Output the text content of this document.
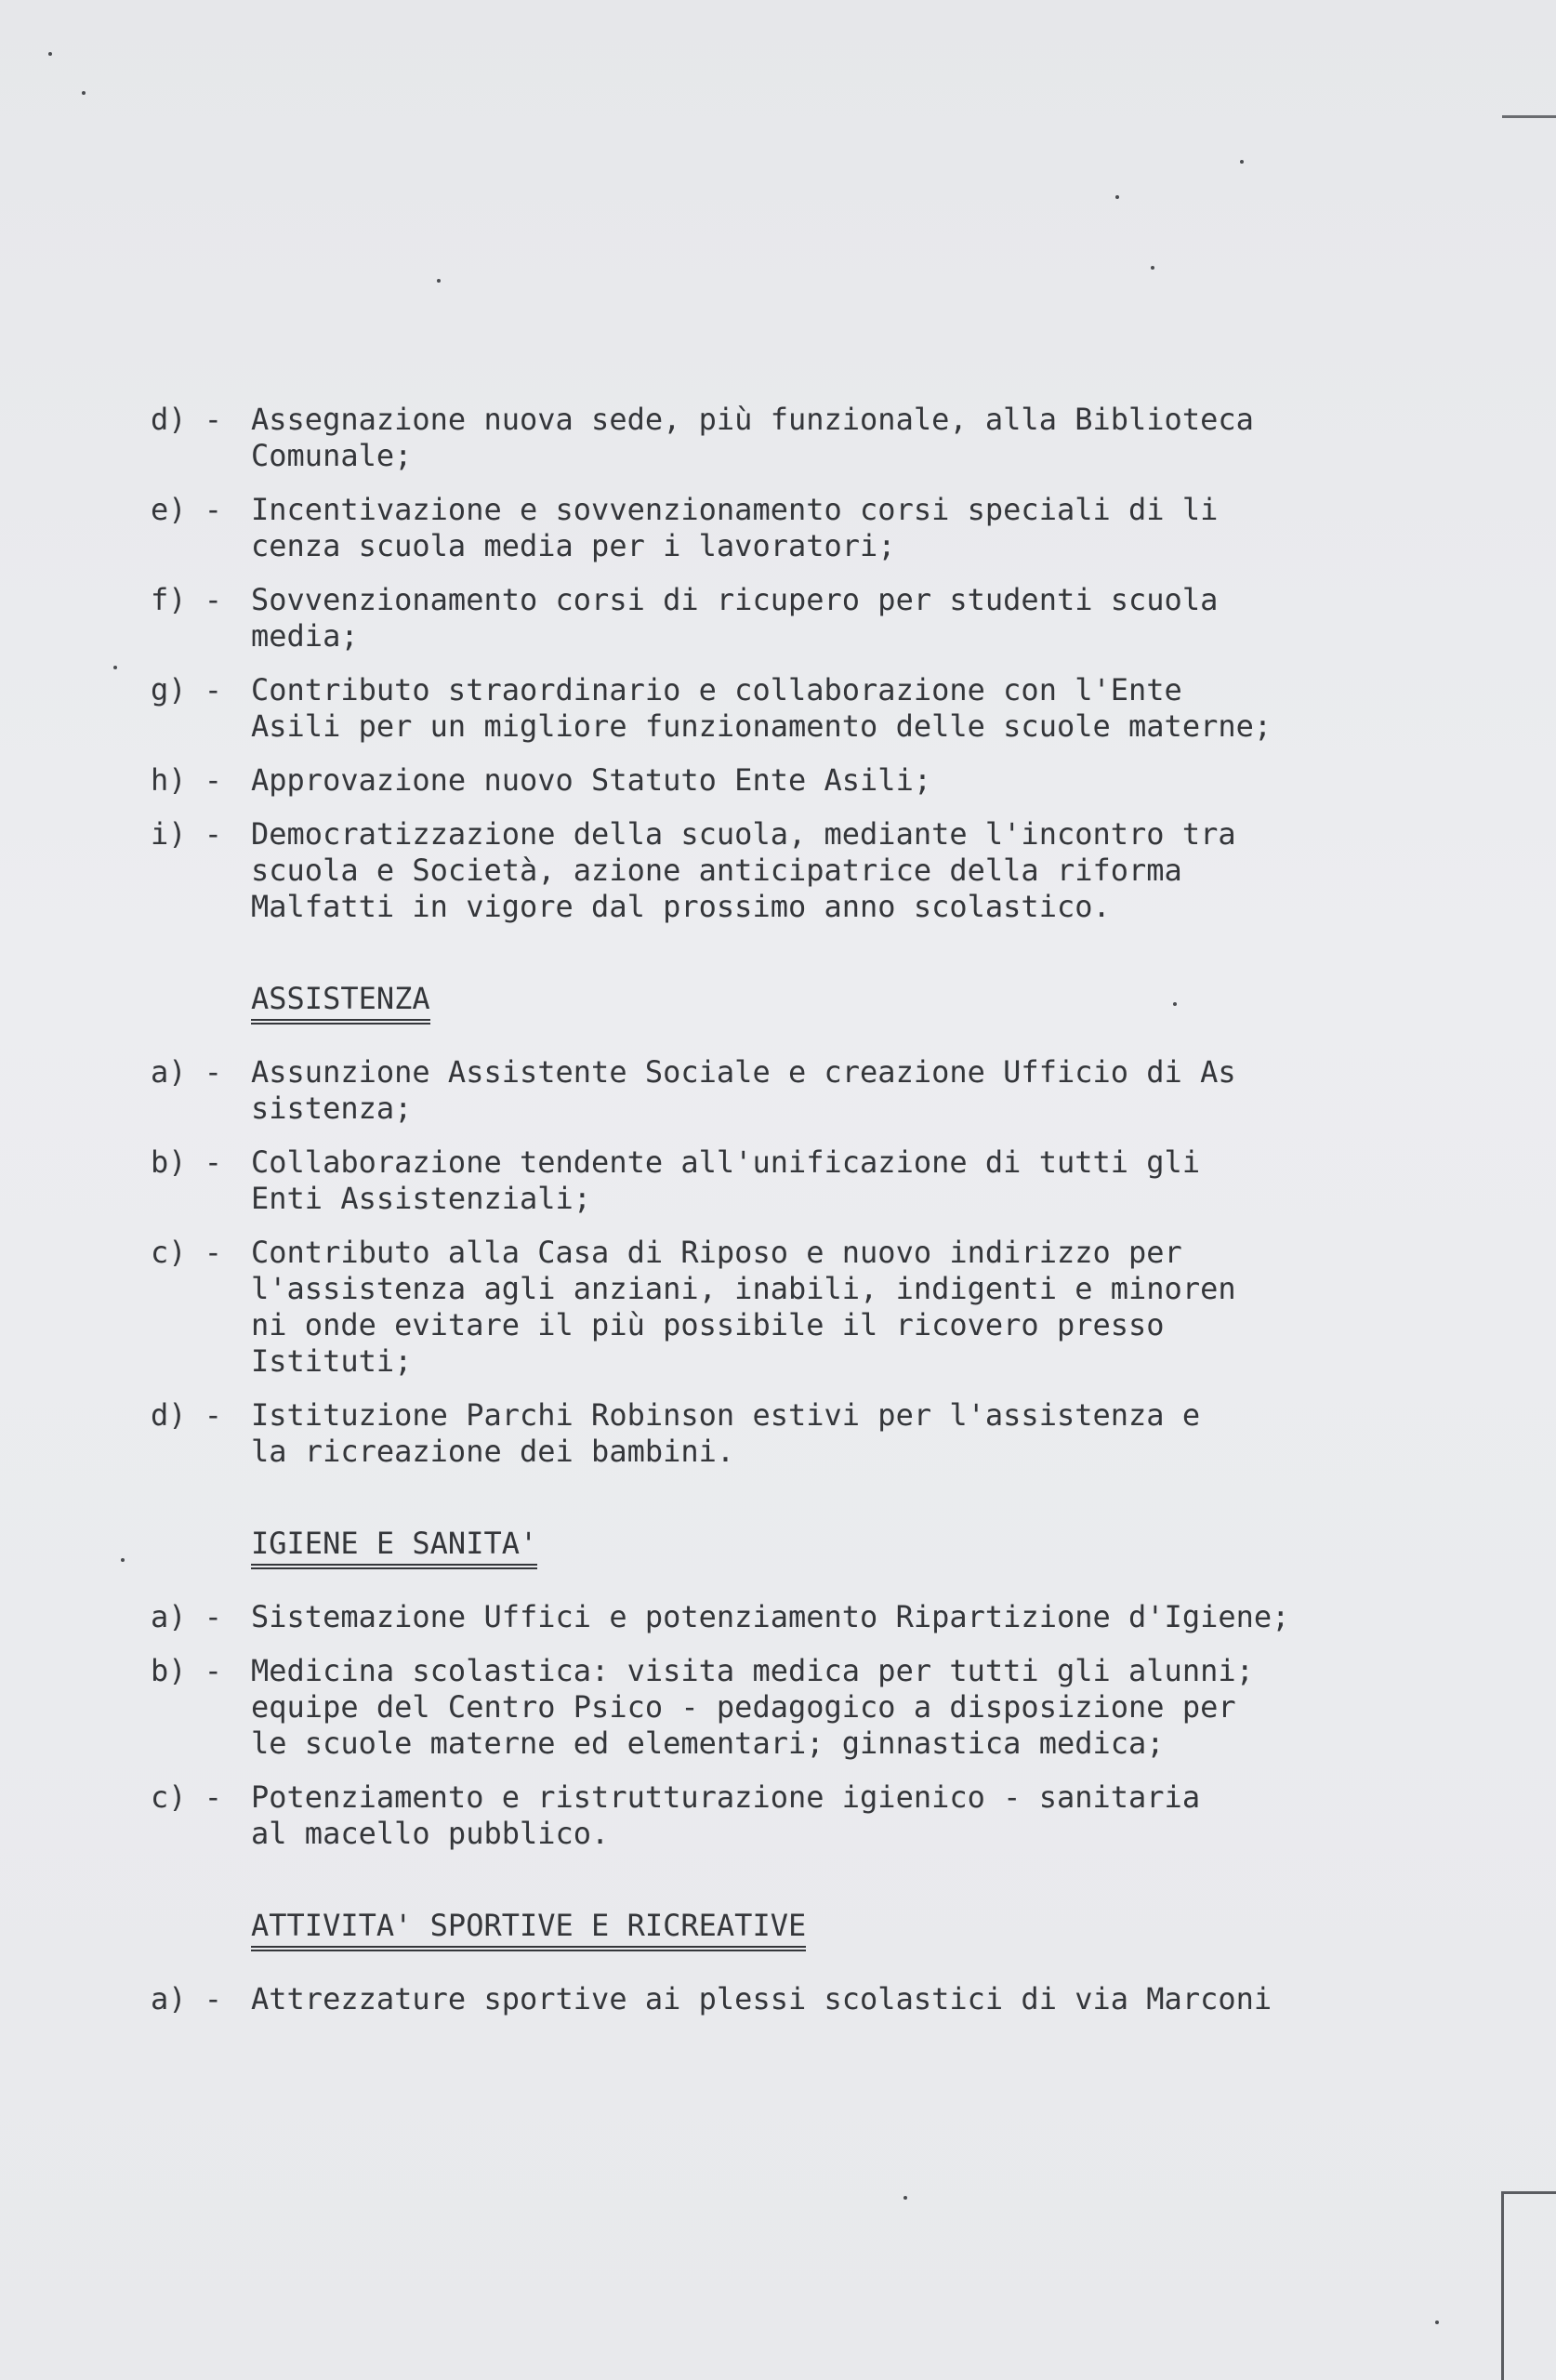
d) - Assegnazione nuova sede, più funzionale, alla Biblioteca
Comunale;
e) - Incentivazione e sovvenzionamento corsi speciali di li
cenza scuola media per i lavoratori;
f) - Sovvenzionamento corsi di ricupero per studenti scuola
media;
g) - Contributo straordinario e collaborazione con l'Ente
Asili per un migliore funzionamento delle scuole materne;
h) - Approvazione nuovo Statuto Ente Asili;
i) - Democratizzazione della scuola, mediante l'incontro tra
scuola e Società, azione anticipatrice della riforma
Malfatti in vigore dal prossimo anno scolastico.
ASSISTENZA
a) - Assunzione Assistente Sociale e creazione Ufficio di As
sistenza;
b) - Collaborazione tendente all'unificazione di tutti gli
Enti Assistenziali;
c) - Contributo alla Casa di Riposo e nuovo indirizzo per
l'assistenza agli anziani, inabili, indigenti e minoren
ni onde evitare il più possibile il ricovero presso
Istituti;
d) - Istituzione Parchi Robinson estivi per l'assistenza e
la ricreazione dei bambini.
IGIENE E SANITA'
a) - Sistemazione Uffici e potenziamento Ripartizione d'Igiene;
b) - Medicina scolastica: visita medica per tutti gli alunni;
equipe del Centro Psico - pedagogico a disposizione per
le scuole materne ed elementari; ginnastica medica;
c) - Potenziamento e ristrutturazione igienico - sanitaria
al macello pubblico.
ATTIVITA' SPORTIVE E RICREATIVE
a) - Attrezzature sportive ai plessi scolastici di via Marconi
